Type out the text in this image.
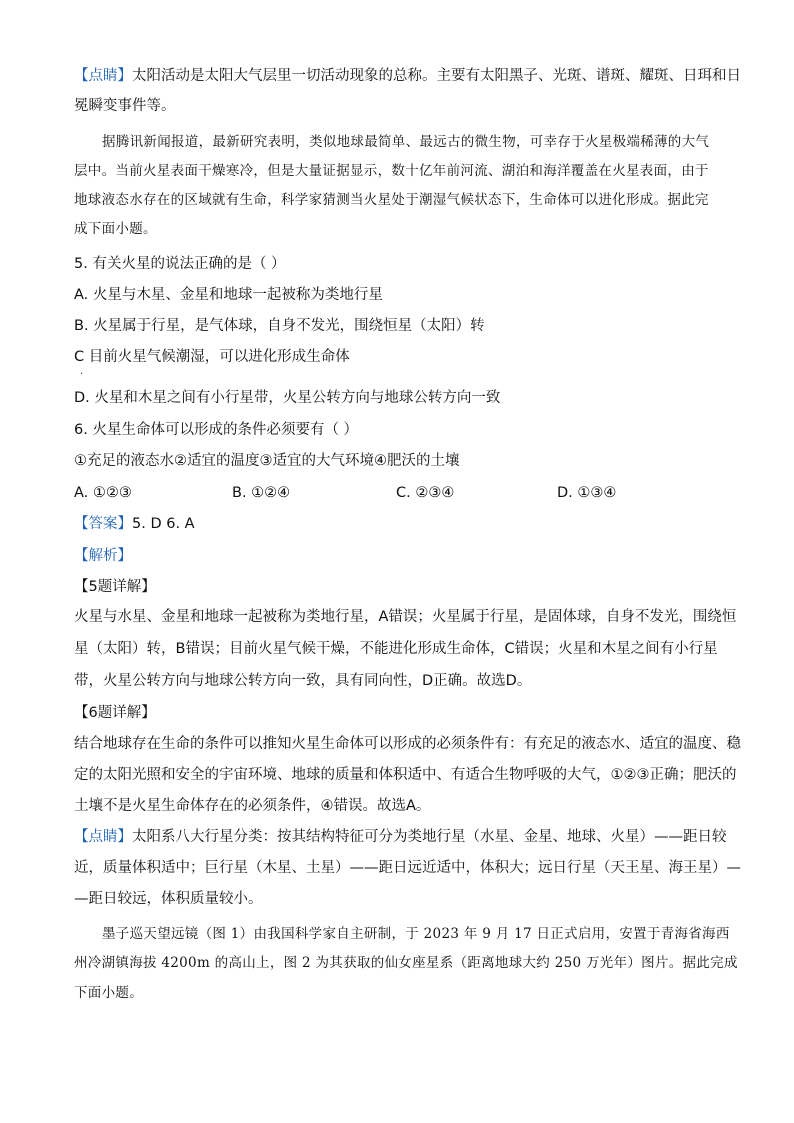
【点睛】太阳活动是太阳大气层里一切活动现象的总称。主要有太阳黑子、光斑、谱斑、耀斑、日珥和日
冕瞬变事件等。
据腾讯新闻报道，最新研究表明，类似地球最简单、最远古的微生物，可幸存于火星极端稀薄的大气
层中。当前火星表面干燥寒冷，但是大量证据显示，数十亿年前河流、湖泊和海洋覆盖在火星表面，由于
地球液态水存在的区域就有生命，科学家猜测当火星处于潮湿气候状态下，生命体可以进化形成。据此完
成下面小题。
5. 有关火星的说法正确的是（ ）
A. 火星与木星、金星和地球一起被称为类地行星
B. 火星属于行星，是气体球，自身不发光，围绕恒星（太阳）转
C 目前火星气候潮湿，可以进化形成生命体
.
D. 火星和木星之间有小行星带，火星公转方向与地球公转方向一致
6. 火星生命体可以形成的条件必须要有（ ）
①充足的液态水②适宜的温度③适宜的大气环境④肥沃的土壤
A. ①②③	B. ①②④	C. ②③④	D. ①③④
【答案】5. D 6. A
【解析】
【5题详解】
火星与水星、金星和地球一起被称为类地行星，A错误；火星属于行星，是固体球，自身不发光，围绕恒
星（太阳）转，B错误；目前火星气候干燥，不能进化形成生命体，C错误；火星和木星之间有小行星
带，火星公转方向与地球公转方向一致，具有同向性，D正确。故选D。
【6题详解】
结合地球存在生命的条件可以推知火星生命体可以形成的必须条件有：有充足的液态水、适宜的温度、稳
定的太阳光照和安全的宇宙环境、地球的质量和体积适中、有适合生物呼吸的大气，①②③正确；肥沃的
土壤不是火星生命体存在的必须条件，④错误。故选A。
【点睛】太阳系八大行星分类：按其结构特征可分为类地行星（水星、金星、地球、火星）——距日较
近，质量体积适中；巨行星（木星、土星）——距日远近适中，体积大；远日行星（天王星、海王星）—
—距日较远，体积质量较小。
墨子巡天望远镜（图 1）由我国科学家自主研制，于 2023 年 9 月 17 日正式启用，安置于青海省海西
州冷湖镇海拔 4200m 的高山上，图 2 为其获取的仙女座星系（距离地球大约 250 万光年）图片。据此完成
下面小题。
